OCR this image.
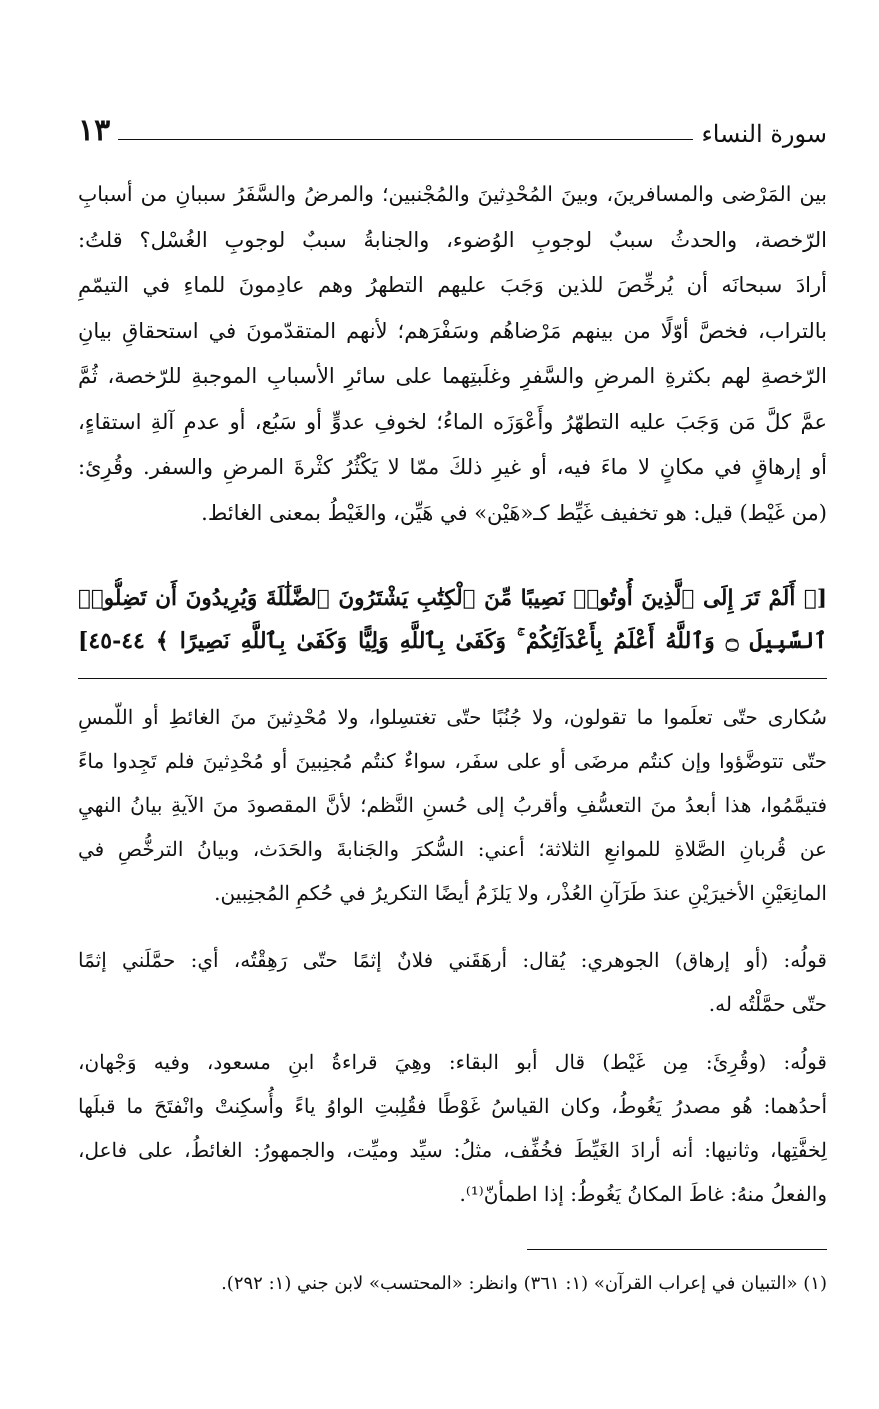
سورة النساء
١٣
بين المَرْضى والمسافرينَ، وبينَ المُحْدِثينَ والمُجْنبين؛ والمرضُ والسَّفَرُ سببانِ من أسبابِ
الرّخصة، والحدثُ سببٌ لوجوبِ الوُضوء، والجنابةُ سببٌ لوجوبِ الغُسْل؟ قلتُ:
أرادَ سبحانَه أن يُرخِّصَ للذين وَجَبَ عليهم التطهرُ وهم عادِمونَ للماءِ في التيمّمِ
بالتراب، فخصَّ أوّلًا من بينهم مَرْضاهُم وسَفْرَهم؛ لأنهم المتقدّمونَ في استحقاقِ بيانِ
الرّخصةِ لهم بكثرةِ المرضِ والسَّفرِ وغلَبتِهما على سائرِ الأسبابِ الموجبةِ للرّخصة، ثُمَّ
عمَّ كلَّ مَن وَجَبَ عليه التطهّرُ وأَعْوَزَه الماءُ؛ لخوفِ عدوٍّ أو سَبُع، أو عدمِ آلةِ استقاءٍ،
أو إرهاقٍ في مكانٍ لا ماءَ فيه، أو غيرِ ذلكَ ممّا لا يَكْثُرُ كثْرةَ المرضِ والسفر. وقُرِئ:
(من غَيْط) قيل: هو تخفيف غَيِّط كـ«هَيْن» في هَيِّن، والغَيْطُ بمعنى الغائط.
[﴿ أَلَمْ تَرَ إِلَى ٱلَّذِينَ أُوتُوا۟ نَصِيبًا مِّنَ ٱلْكِتَٰبِ يَشْتَرُونَ ٱلضَّلَٰلَةَ وَيُرِيدُونَ أَن تَضِلُّوا۟
ٱلسَّبِيلَ ۝ وَٱللَّهُ أَعْلَمُ بِأَعْدَآئِكُمْ ۚ وَكَفَىٰ بِٱللَّهِ وَلِيًّا وَكَفَىٰ بِٱللَّهِ نَصِيرًا ﴾ ٤٤-٤٥]
سُكارى حتّى تعلَموا ما تقولون، ولا جُنُبًا حتّى تغتسِلوا، ولا مُحْدِثينَ منَ الغائطِ أو اللّمسِ
حتّى تتوضَّؤوا وإن كنتُم مرضَى أو على سفَر، سواءٌ كنتُم مُجنِبينَ أو مُحْدِثينَ فلم تَجِدوا ماءً
فتيمَّمُوا، هذا أبعدُ منَ التعسُّفِ وأقربُ إلى حُسنِ النَّظم؛ لأنَّ المقصودَ منَ الآيةِ بيانُ النهيِ
عن قُربانِ الصَّلاةِ للموانعِ الثلاثة؛ أعني: السُّكرَ والجَنابةَ والحَدَث، وبيانُ الترخُّصِ في
المانِعَيْنِ الأخيرَيْنِ عندَ طَرَآنِ العُذْر، ولا يَلزَمُ أيضًا التكريرُ في حُكمِ المُجنِبين.
قولُه: (أو إرهاق) الجوهري: يُقال: أرهَقَني فلانٌ إثمًا حتّى رَهِقْتُه، أي: حمَّلَني إثمًا
حتّى حمَّلْتُه له.
قولُه: (وقُرِئَ: مِن غَيْط) قال أبو البقاء: وهِيَ قراءةُ ابنِ مسعود، وفيه وَجْهان،
أحدُهما: هُو مصدرُ يَغُوطُ، وكان القياسُ غَوْطًا فقُلِبتِ الواوُ ياءً وأُسكِنتْ وانْفتَحَ ما قبلَها
لِخفَّتِها، وثانيها: أنه أرادَ الغَيِّطَ فخُفِّف، مثلُ: سيِّد وميِّت، والجمهورُ: الغائطُ، على فاعل،
والفعلُ منهُ: غاطَ المكانُ يَغُوطُ: إذا اطمأنّ⁽¹⁾.
(١) «التبيان في إعراب القرآن» (١: ٣٦١) وانظر: «المحتسب» لابن جني (١: ٢٩٢).
